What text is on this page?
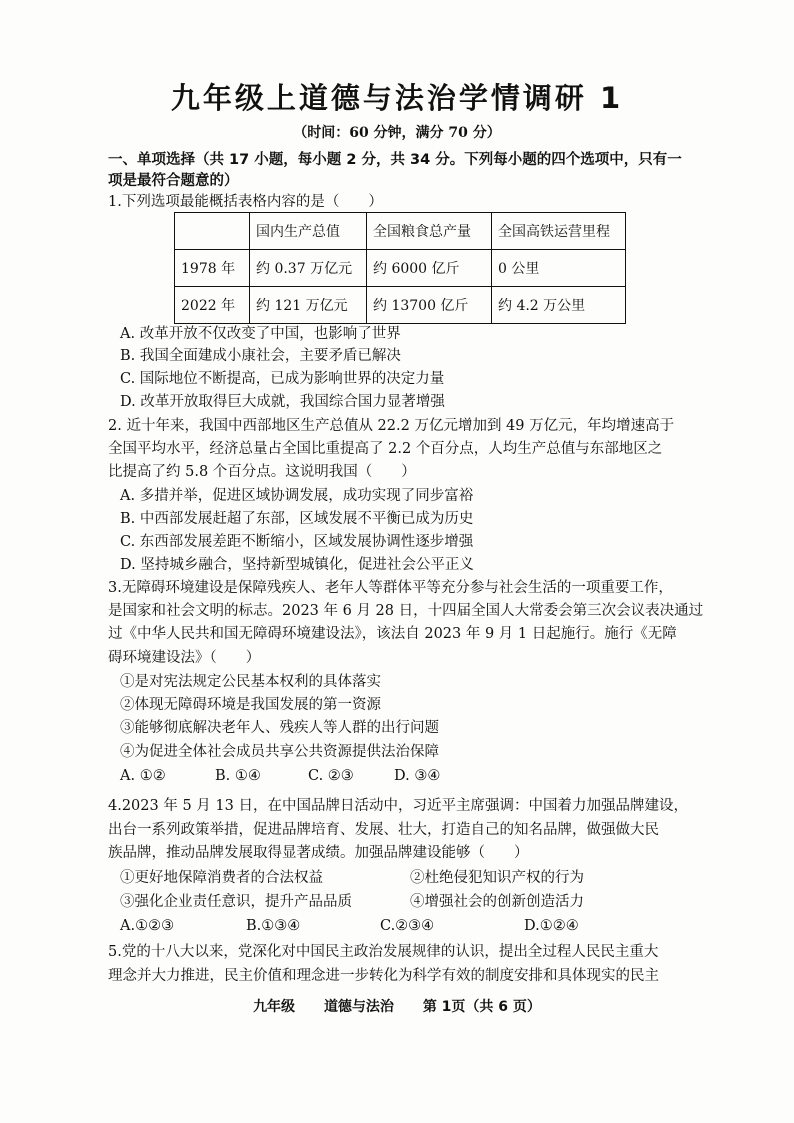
九年级上道德与法治学情调研 1
（时间：60 分钟，满分 70 分）
一、单项选择（共 17 小题，每小题 2 分，共 34 分。下列每小题的四个选项中，只有一
项是最符合题意的）
1.下列选项最能概括表格内容的是（　　）
	国内生产总值	全国粮食总产量	全国高铁运营里程
1978 年	约 0.37 万亿元	约 6000 亿斤	0 公里
2022 年	约 121 万亿元	约 13700 亿斤	约 4.2 万公里
A. 改革开放不仅改变了中国，也影响了世界
B. 我国全面建成小康社会，主要矛盾已解决
C. 国际地位不断提高，已成为影响世界的决定力量
D. 改革开放取得巨大成就，我国综合国力显著增强
2. 近十年来，我国中西部地区生产总值从 22.2 万亿元增加到 49 万亿元，年均增速高于
全国平均水平，经济总量占全国比重提高了 2.2 个百分点，人均生产总值与东部地区之
比提高了约 5.8 个百分点。这说明我国（　　）
A. 多措并举，促进区域协调发展，成功实现了同步富裕
B. 中西部发展赶超了东部，区域发展不平衡已成为历史
C. 东西部发展差距不断缩小，区域发展协调性逐步增强
D. 坚持城乡融合，坚持新型城镇化，促进社会公平正义
3.无障碍环境建设是保障残疾人、老年人等群体平等充分参与社会生活的一项重要工作，
是国家和社会文明的标志。2023 年 6 月 28 日，十四届全国人大常委会第三次会议表决通过
过《中华人民共和国无障碍环境建设法》，该法自 2023 年 9 月 1 日起施行。施行《无障
碍环境建设法》（　　）
①是对宪法规定公民基本权利的具体落实
②体现无障碍环境是我国发展的第一资源
③能够彻底解决老年人、残疾人等人群的出行问题
④为促进全体社会成员共享公共资源提供法治保障
A. ①②	B. ①④	C. ②③	D. ③④
4.2023 年 5 月 13 日，在中国品牌日活动中，习近平主席强调：中国着力加强品牌建设，
出台一系列政策举措，促进品牌培育、发展、壮大，打造自己的知名品牌，做强做大民
族品牌，推动品牌发展取得显著成绩。加强品牌建设能够（　　）
①更好地保障消费者的合法权益	②杜绝侵犯知识产权的行为
③强化企业责任意识，提升产品品质	④增强社会的创新创造活力
A.①②③	B.①③④	C.②③④	D.①②④
5.党的十八大以来，党深化对中国民主政治发展规律的认识，提出全过程人民民主重大
理念并大力推进，民主价值和理念进一步转化为科学有效的制度安排和具体现实的民主
九年级 道德与法治 第 1页（共 6 页）
